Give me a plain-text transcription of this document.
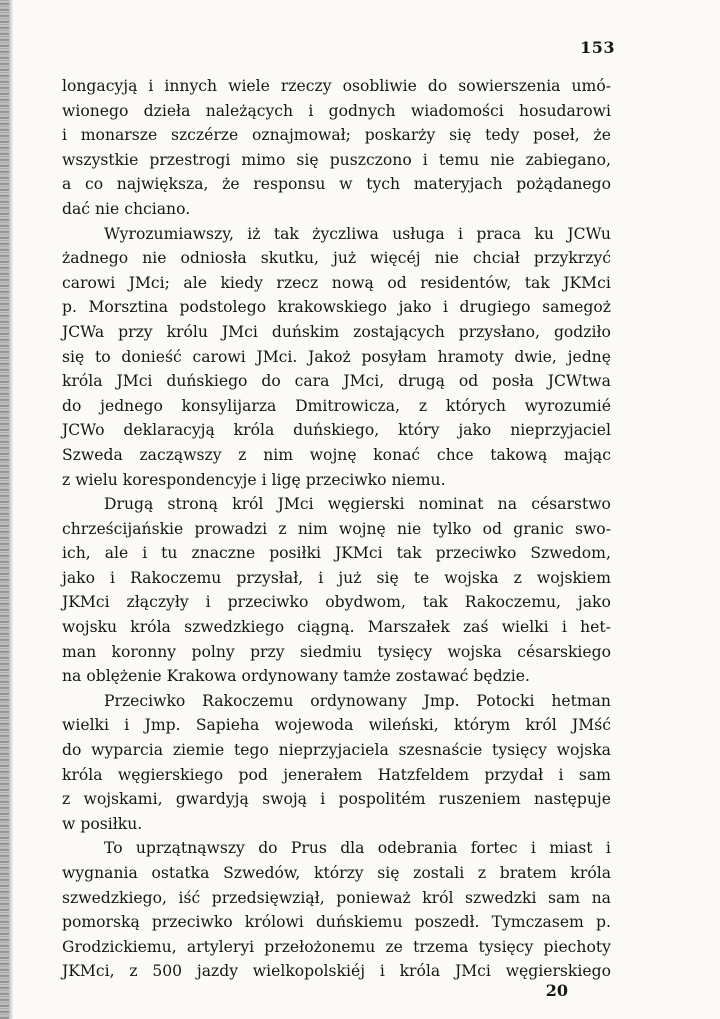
153
longacyją i innych wiele rzeczy osobliwie do sowierszenia umó-
wionego dzieła należących i godnych wiadomości hosudarowi
i monarsze szczérze oznajmował; poskarży się tedy poseł, że
wszystkie przestrogi mimo się puszczono i temu nie zabiegano,
a co największa, że responsu w tych materyjach pożądanego
dać nie chciano.
Wyrozumiawszy, iż tak życzliwa usługa i praca ku JCWu
żadnego nie odniosła skutku, już więcéj nie chciał przykrzyć
carowi JMci; ale kiedy rzecz nową od residentów, tak JKMci
p. Morsztina podstolego krakowskiego jako i drugiego samegoż
JCWa przy królu JMci duńskim zostających przysłano, godziło
się to donieść carowi JMci. Jakoż posyłam hramoty dwie, jednę
króla JMci duńskiego do cara JMci, drugą od posła JCWtwa
do jednego konsylijarza Dmitrowicza, z których wyrozumié
JCWo deklaracyją króla duńskiego, który jako nieprzyjaciel
Szweda zacząwszy z nim wojnę konać chce takową mając
z wielu korespondencyje i ligę przeciwko niemu.
Drugą stroną król JMci węgierski nominat na césarstwo
chrześcijańskie prowadzi z nim wojnę nie tylko od granic swo-
ich, ale i tu znaczne posiłki JKMci tak przeciwko Szwedom,
jako i Rakoczemu przysłał, i już się te wojska z wojskiem
JKMci złączyły i przeciwko obydwom, tak Rakoczemu, jako
wojsku króla szwedzkiego ciągną. Marszałek zaś wielki i het-
man koronny polny przy siedmiu tysięcy wojska césarskiego
na oblężenie Krakowa ordynowany tamże zostawać będzie.
Przeciwko Rakoczemu ordynowany Jmp. Potocki hetman
wielki i Jmp. Sapieha wojewoda wileński, którym król JMść
do wyparcia ziemie tego nieprzyjaciela szesnaście tysięcy wojska
króla węgierskiego pod jenerałem Hatzfeldem przydał i sam
z wojskami, gwardyją swoją i pospolitém ruszeniem następuje
w posiłku.
To uprzątnąwszy do Prus dla odebrania fortec i miast i
wygnania ostatka Szwedów, którzy się zostali z bratem króla
szwedzkiego, iść przedsięwziął, ponieważ król szwedzki sam na
pomorską przeciwko królowi duńskiemu poszedł. Tymczasem p.
Grodzickiemu, artyleryi przełożonemu ze trzema tysięcy piechoty
JKMci, z 500 jazdy wielkopolskiéj i króla JMci węgierskiego
20
